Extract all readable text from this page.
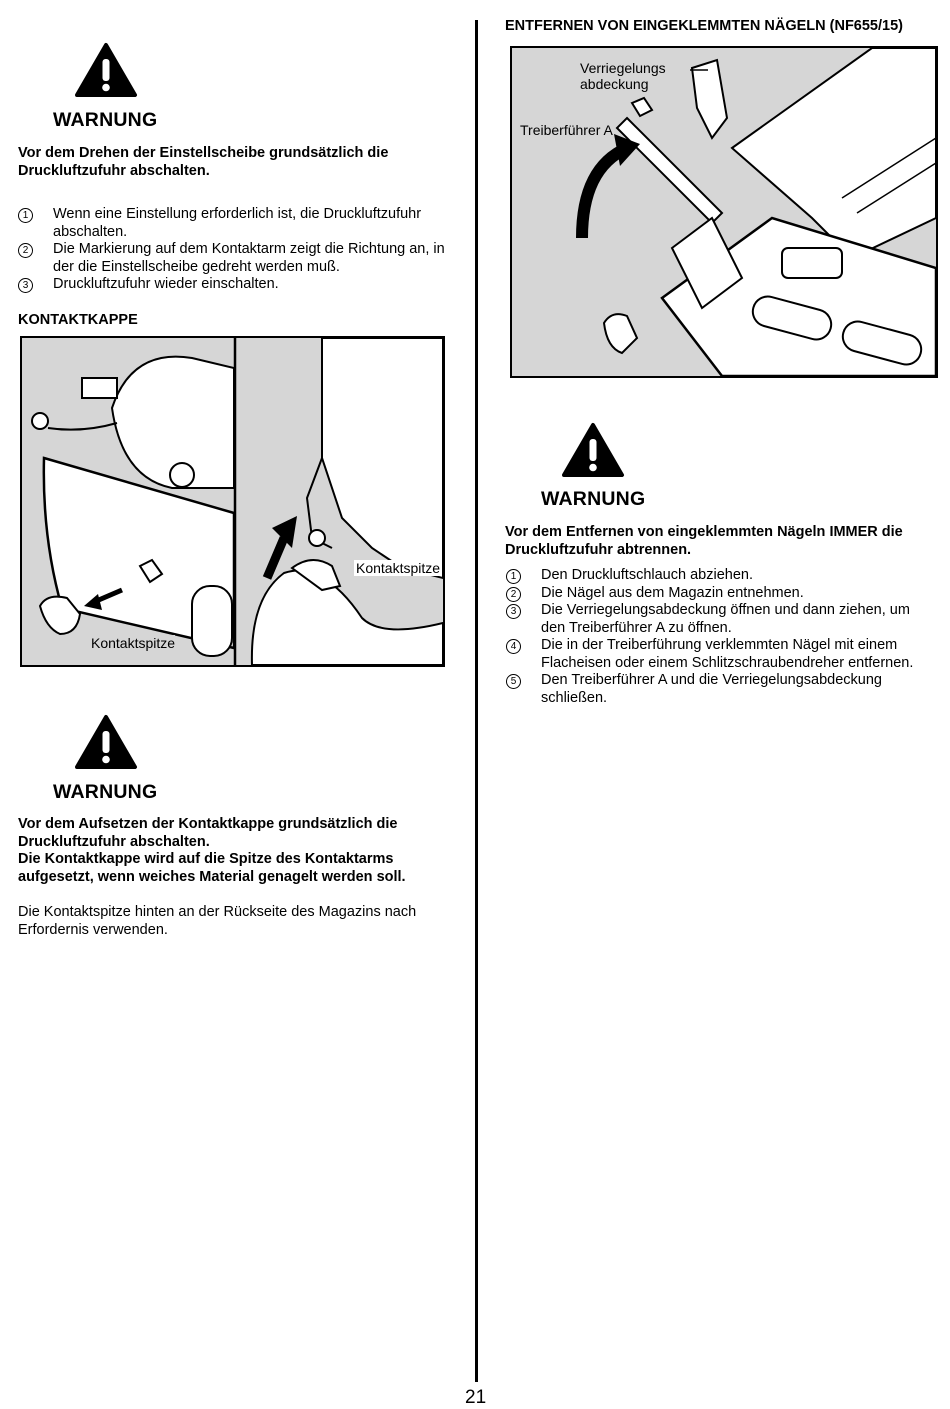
WARNUNG
Vor dem Drehen der Einstellscheibe grundsätzlich die Druckluftzufuhr abschalten.
1	Wenn eine Einstellung erforderlich ist, die Druckluftzufuhr abschalten.
2	Die Markierung auf dem Kontaktarm zeigt die Richtung an, in der die Einstellscheibe gedreht werden muß.
3	Druckluftzufuhr wieder einschalten.
KONTAKTKAPPE
Kontaktspitze
Kontaktspitze
WARNUNG
Vor dem Aufsetzen der Kontaktkappe grundsätzlich die Druckluftzufuhr abschalten.
Die Kontaktkappe wird auf die Spitze des Kontaktarms aufgesetzt, wenn weiches Material genagelt werden soll.
Die Kontaktspitze hinten an der Rückseite des Magazins nach Erfordernis verwenden.
ENTFERNEN VON EINGEKLEMMTEN NÄGELN (NF655/15)
Verriegelungs abdeckung
Treiberführer A
WARNUNG
Vor dem Entfernen von eingeklemmten Nägeln IMMER die Druckluftzufuhr abtrennen.
1	Den Druckluftschlauch abziehen.
2	Die Nägel aus dem Magazin entnehmen.
3	Die Verriegelungsabdeckung öffnen und dann ziehen, um den Treiberführer A zu öffnen.
4	Die in der Treiberführung verklemmten Nägel mit einem Flacheisen oder einem Schlitzschraubendreher entfernen.
5	Den Treiberführer A und die Verriegelungsabdeckung schließen.
21
